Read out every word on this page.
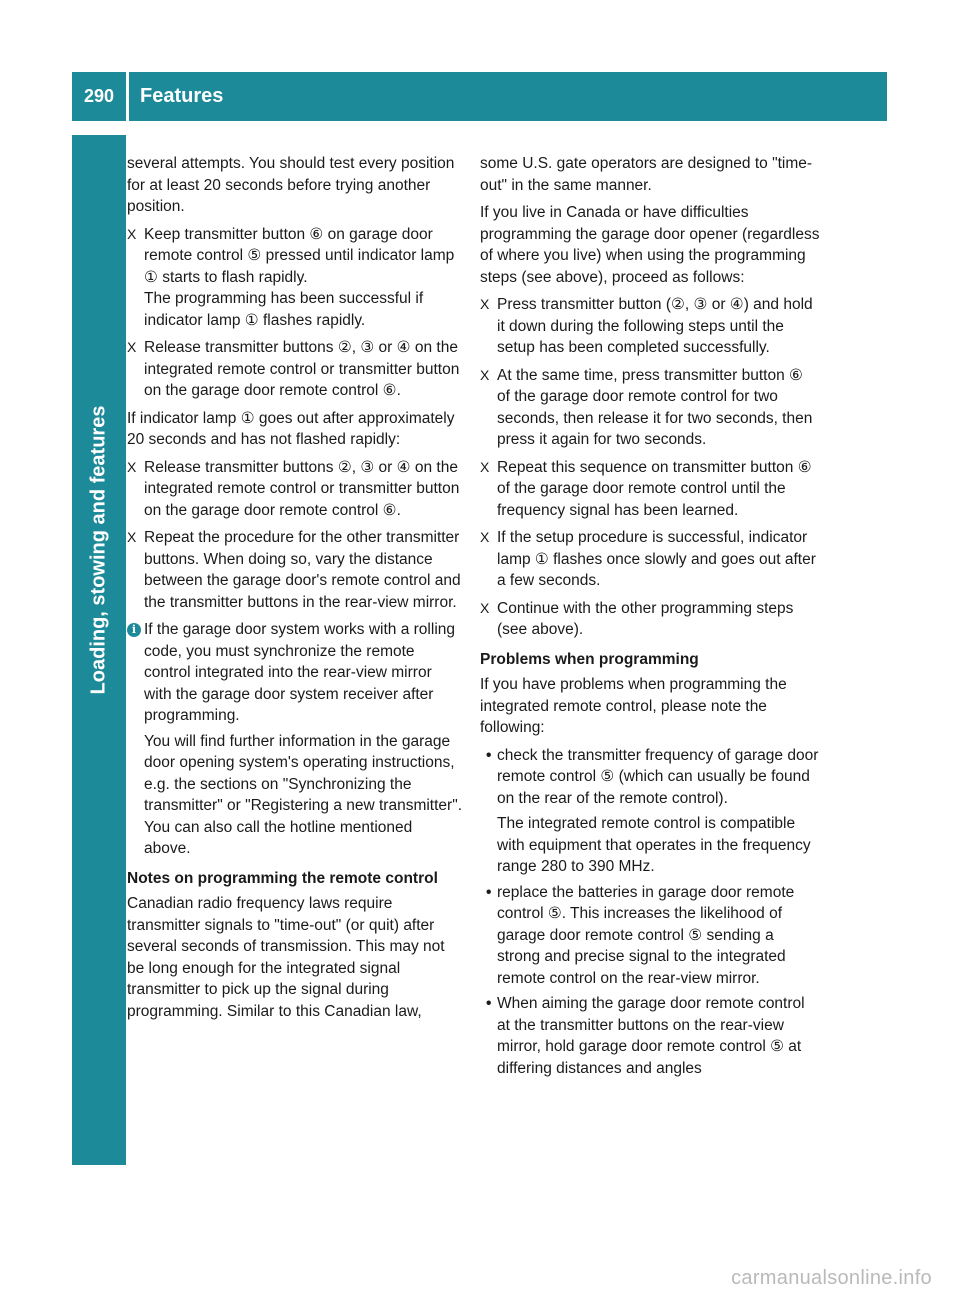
290	Features
Loading, stowing and features

several attempts. You should test every position for at least 20 seconds before trying another position.

X Keep transmitter button ⑥ on garage door remote control ⑤ pressed until indicator lamp ① starts to flash rapidly.
The programming has been successful if indicator lamp ① flashes rapidly.
X Release transmitter buttons ②, ③ or ④ on the integrated remote control or transmitter button on the garage door remote control ⑥.

If indicator lamp ① goes out after approximately 20 seconds and has not flashed rapidly:

X Release transmitter buttons ②, ③ or ④ on the integrated remote control or transmitter button on the garage door remote control ⑥.
X Repeat the procedure for the other transmitter buttons. When doing so, vary the distance between the garage door's remote control and the transmitter buttons in the rear-view mirror.
i If the garage door system works with a rolling code, you must synchronize the remote control integrated into the rear-view mirror with the garage door system receiver after programming.
You will find further information in the garage door opening system's operating instructions, e.g. the sections on "Synchronizing the transmitter" or "Registering a new transmitter". You can also call the hotline mentioned above.
Notes on programming the remote control

Canadian radio frequency laws require transmitter signals to "time-out" (or quit) after several seconds of transmission. This may not be long enough for the integrated signal transmitter to pick up the signal during programming. Similar to this Canadian law,

some U.S. gate operators are designed to "time-out" in the same manner.

If you live in Canada or have difficulties programming the garage door opener (regardless of where you live) when using the programming steps (see above), proceed as follows:

X Press transmitter button (②, ③ or ④) and hold it down during the following steps until the setup has been completed successfully.
X At the same time, press transmitter button ⑥ of the garage door remote control for two seconds, then release it for two seconds, then press it again for two seconds.
X Repeat this sequence on transmitter button ⑥ of the garage door remote control until the frequency signal has been learned.
X If the setup procedure is successful, indicator lamp ① flashes once slowly and goes out after a few seconds.
X Continue with the other programming steps (see above).
Problems when programming

If you have problems when programming the integrated remote control, please note the following:

• check the transmitter frequency of garage door remote control ⑤ (which can usually be found on the rear of the remote control).
The integrated remote control is compatible with equipment that operates in the frequency range 280 to 390 MHz.
• replace the batteries in garage door remote control ⑤. This increases the likelihood of garage door remote control ⑤ sending a strong and precise signal to the integrated remote control on the rear-view mirror.
• When aiming the garage door remote control at the transmitter buttons on the rear-view mirror, hold garage door remote control ⑤ at differing distances and angles
carmanualsonline.info
